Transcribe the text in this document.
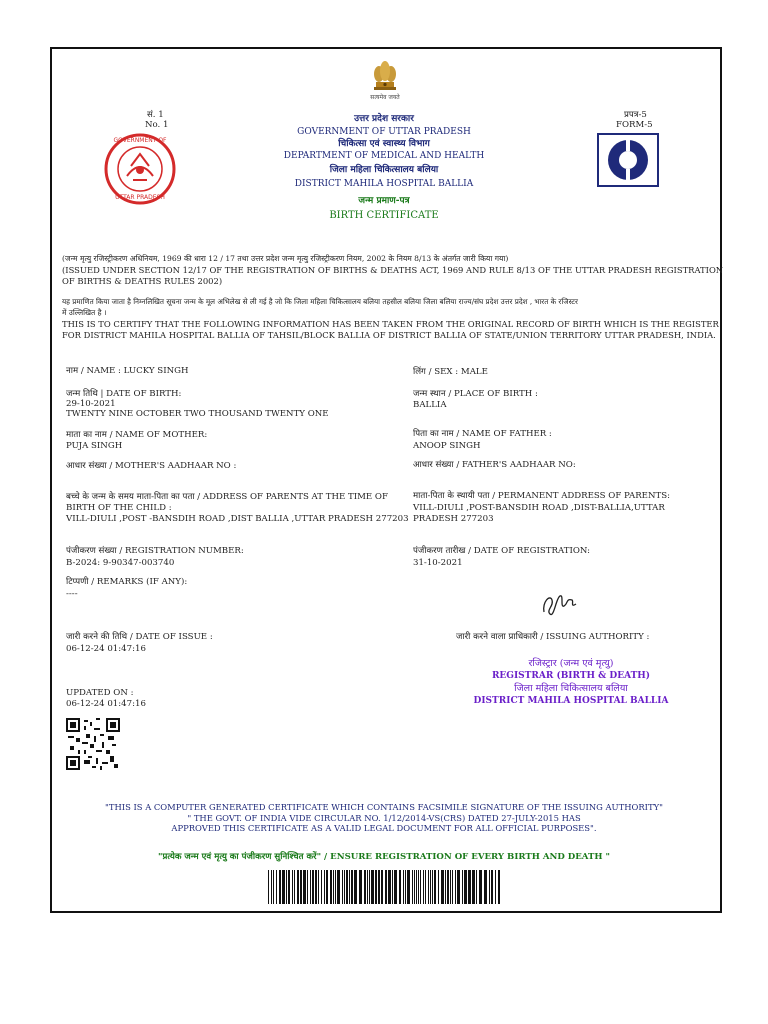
सत्यमेव जयते
सं. 1
No. 1
प्रपत्र-5
FORM-5
GOVERNMENT OF
UTTAR PRADESH
उत्तर प्रदेश सरकार
GOVERNMENT OF UTTAR PRADESH
चिकित्सा एवं स्वास्थ्य विभाग
DEPARTMENT OF MEDICAL AND HEALTH
जिला महिला चिकित्सालय बलिया
DISTRICT MAHILA HOSPITAL BALLIA
जन्म प्रमाण-पत्र
BIRTH CERTIFICATE
(जन्म मृत्यु रजिस्ट्रीकरण अधिनियम, 1969 की धारा 12 / 17 तथा उत्तर प्रदेश जन्म मृत्यु रजिस्ट्रीकरण नियम, 2002 के नियम 8/13 के अंतर्गत जारी किया गया)
(ISSUED UNDER SECTION 12/17 OF THE REGISTRATION OF BIRTHS & DEATHS ACT, 1969 AND RULE 8/13 OF THE UTTAR PRADESH REGISTRATION
OF BIRTHS & DEATHS RULES 2002)
यह प्रमाणित किया जाता है निम्नलिखित सूचना जन्म के मूल अभिलेख से ली गई है जो कि जिला महिला चिकित्सालय बलिया तहसील बलिया जिला बलिया राज्य/संघ प्रदेश उत्तर प्रदेश , भारत के रजिस्टर
में उल्लिखित है ।
THIS IS TO CERTIFY THAT THE FOLLOWING INFORMATION HAS BEEN TAKEN FROM THE ORIGINAL RECORD OF BIRTH WHICH IS THE REGISTER
FOR DISTRICT MAHILA HOSPITAL BALLIA OF TAHSIL/BLOCK BALLIA OF DISTRICT BALLIA OF STATE/UNION TERRITORY UTTAR PRADESH, INDIA.
नाम / NAME : LUCKY SINGH
जन्म तिथि | DATE OF BIRTH:
29-10-2021
TWENTY NINE OCTOBER TWO THOUSAND TWENTY ONE
माता का नाम / NAME OF MOTHER:
PUJA SINGH
आधार संख्या / MOTHER'S AADHAAR NO :
बच्चे के जन्म के समय माता-पिता का पता / ADDRESS OF PARENTS AT THE TIME OF
BIRTH OF THE CHILD :
VILL-DIULI ,POST -BANSDIH ROAD ,DIST BALLIA ,UTTAR PRADESH 277203
पंजीकरण संख्या / REGISTRATION NUMBER:
B-2024: 9-90347-003740
टिप्पणी / REMARKS (IF ANY):
----
जारी करने की तिथि / DATE OF ISSUE :
06-12-24 01:47:16
UPDATED ON :
06-12-24 01:47:16
लिंग / SEX : MALE
जन्म स्थान / PLACE OF BIRTH :
BALLIA
पिता का नाम / NAME OF FATHER :
ANOOP SINGH
आधार संख्या / FATHER'S AADHAAR NO:
माता-पिता के स्थायी पता / PERMANENT ADDRESS OF PARENTS:
VILL-DIULI ,POST-BANSDIH ROAD ,DIST-BALLIA,UTTAR
PRADESH 277203
पंजीकरण तारीख / DATE OF REGISTRATION:
31-10-2021
जारी करने वाला प्राधिकारी / ISSUING AUTHORITY :
रजिस्ट्रार (जन्म एवं मृत्यु)
REGISTRAR (BIRTH & DEATH)
जिला महिला चिकित्सालय बलिया
DISTRICT MAHILA HOSPITAL BALLIA
"THIS IS A COMPUTER GENERATED CERTIFICATE WHICH CONTAINS FACSIMILE SIGNATURE OF THE ISSUING AUTHORITY"
" THE GOVT. OF INDIA VIDE CIRCULAR NO. 1/12/2014-VS(CRS) DATED 27-JULY-2015 HAS
APPROVED THIS CERTIFICATE AS A VALID LEGAL DOCUMENT FOR ALL OFFICIAL PURPOSES".
"प्रत्येक जन्म एवं मृत्यु का पंजीकरण सुनिश्चित करें" / ENSURE REGISTRATION OF EVERY BIRTH AND DEATH "
